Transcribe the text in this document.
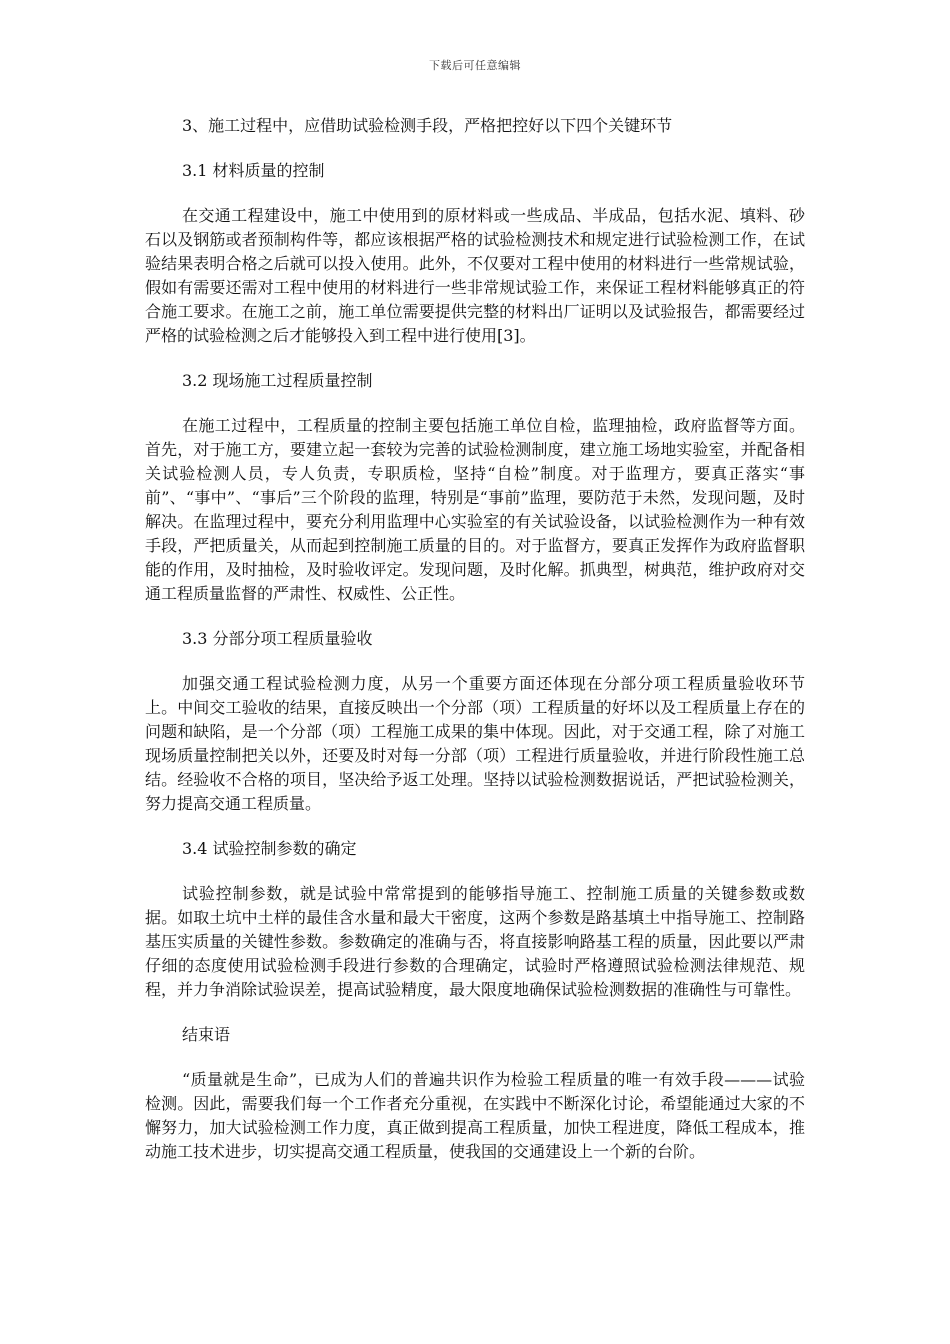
下载后可任意编辑
3、施工过程中，应借助试验检测手段，严格把控好以下四个关键环节
3.1 材料质量的控制
在交通工程建设中，施工中使用到的原材料或一些成品、半成品，包括水泥、填料、砂石以及钢筋或者预制构件等，都应该根据严格的试验检测技术和规定进行试验检测工作，在试验结果表明合格之后就可以投入使用。此外，不仅要对工程中使用的材料进行一些常规试验，假如有需要还需对工程中使用的材料进行一些非常规试验工作，来保证工程材料能够真正的符合施工要求。在施工之前，施工单位需要提供完整的材料出厂证明以及试验报告，都需要经过严格的试验检测之后才能够投入到工程中进行使用[3]。
3.2 现场施工过程质量控制
在施工过程中，工程质量的控制主要包括施工单位自检，监理抽检，政府监督等方面。首先，对于施工方，要建立起一套较为完善的试验检测制度，建立施工场地实验室，并配备相关试验检测人员，专人负责，专职质检，坚持“自检”制度。对于监理方，要真正落实“事前”、“事中”、“事后”三个阶段的监理，特别是“事前”监理，要防范于未然，发现问题，及时解决。在监理过程中，要充分利用监理中心实验室的有关试验设备，以试验检测作为一种有效手段，严把质量关，从而起到控制施工质量的目的。对于监督方，要真正发挥作为政府监督职能的作用，及时抽检，及时验收评定。发现问题，及时化解。抓典型，树典范，维护政府对交通工程质量监督的严肃性、权威性、公正性。
3.3 分部分项工程质量验收
加强交通工程试验检测力度，从另一个重要方面还体现在分部分项工程质量验收环节上。中间交工验收的结果，直接反映出一个分部（项）工程质量的好坏以及工程质量上存在的问题和缺陷，是一个分部（项）工程施工成果的集中体现。因此，对于交通工程，除了对施工现场质量控制把关以外，还要及时对每一分部（项）工程进行质量验收，并进行阶段性施工总结。经验收不合格的项目，坚决给予返工处理。坚持以试验检测数据说话，严把试验检测关，努力提高交通工程质量。
3.4 试验控制参数的确定
试验控制参数，就是试验中常常提到的能够指导施工、控制施工质量的关键参数或数据。如取土坑中土样的最佳含水量和最大干密度，这两个参数是路基填土中指导施工、控制路基压实质量的关键性参数。参数确定的准确与否，将直接影响路基工程的质量，因此要以严肃仔细的态度使用试验检测手段进行参数的合理确定，试验时严格遵照试验检测法律规范、规程，并力争消除试验误差，提高试验精度，最大限度地确保试验检测数据的准确性与可靠性。
结束语
“质量就是生命”，已成为人们的普遍共识作为检验工程质量的唯一有效手段———试验检测。因此，需要我们每一个工作者充分重视，在实践中不断深化讨论，希望能通过大家的不懈努力，加大试验检测工作力度，真正做到提高工程质量，加快工程进度，降低工程成本，推动施工技术进步，切实提高交通工程质量，使我国的交通建设上一个新的台阶。
